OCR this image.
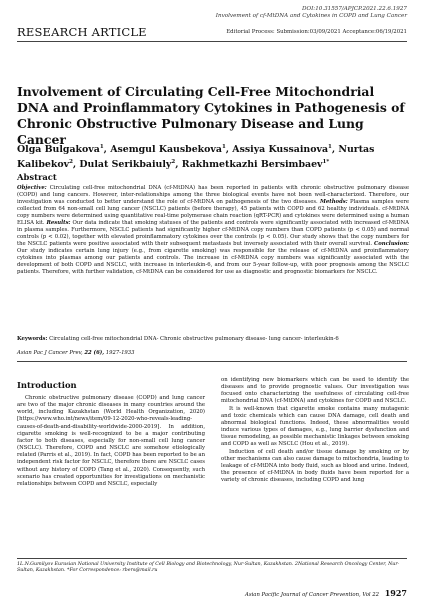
DOI:10.31557/APJCP.2021.22.6.1927
Involvement of cf-MtDNA and Cytokines in COPD and Lung Cancer
RESEARCH ARTICLE	Editorial Process: Submission:03/09/2021 Acceptance:06/19/2021
Involvement of Circulating Cell-Free Mitochondrial DNA and Proinflammatory Cytokines in Pathogenesis of Chronic Obstructive Pulmonary Disease and Lung Cancer
Olga Bulgakova$^1$, Asemgul Kausbekova$^1$, Assiya Kussainova$^1$, Nurtas Kalibekov$^2$, Dulat Serikbaiuly$^2$, Rakhmetkazhi Bersimbaev$^{1*}$
Abstract
Objective: Circulating cell-free mitochondrial DNA (cf-MtDNA) has been reported in patients with chronic obstructive pulmonary disease (COPD) and lung cancers. However, inter-relationships among the three biological events have not been well-characterized. Therefore, our investigation was conducted to better understand the role of cf-MtDNA on pathogenesis of the two diseases. Methods: Plasma samples were collected from 64 non-small cell lung cancer (NSCLC) patients (before therapy), 45 patients with COPD and 62 healthy individuals. cf-MtDNA copy numbers were determined using quantitative real-time polymerase chain reaction (qRT-PCR) and cytokines were determined using a human ELISA kit. Results: Our data indicate that smoking statuses of the patients and controls were significantly associated with increased cf-MtDNA in plasma samples. Furthermore, NSCLC patients had significantly higher cf-MtDNA copy numbers than COPD patients (p < 0.05) and normal controls (p < 0.02), together with elevated proinflammatory cytokines over the controls (p < 0.05). Our study shows that the copy numbers for the NSCLC patients were positive associated with their subsequent metastasis but inversely associated with their overall survival. Conclusion: Our study indicates certain lung injury (e.g., from cigarette smoking) was responsible for the release of cf-MtDNA and proinflammatory cytokines into plasmas among our patients and controls. The increase in cf-MtDNA copy numbers was significantly associated with the development of both COPD and NSCLC, with increase in interleukin-6, and from our 5-year follow-up, with poor prognosis among the NSCLC patients. Therefore, with further validation, cf-MtDNA can be considered for use as diagnostic and prognostic biomarkers for NSCLC.
Keywords: Circulating cell-free mitochondrial DNA- Chronic obstructive pulmonary disease- lung cancer- interleukin-6
Asian Pac J Cancer Prev, 22 (6), 1927-1933
Introduction

Chronic obstructive pulmonary disease (COPD) and lung cancer are two of the major chronic diseases in many countries around the world, including Kazakhstan (World Health Organization, 2020) [https://www.who.int/news/item/09-12-2020-who-reveals-leading-causes-of-death-and-disability-worldwide-2000-2019]. In addition, cigarette smoking is well-recognized to be a major contributing factor to both diseases, especially for non-small cell lung cancer (NSCLC). Therefore, COPD and NSCLC are somehow etiologically related (Parris et al., 2019). In fact, COPD has been reported to be an independent risk factor for NSCLC, therefore there are NSCLC cases without any history of COPD (Tang et al., 2020). Consequently, such scenario has created opportunities for investigations on mechanistic relationships between COPD and NSCLC, especially

on identifying new biomarkers which can be used to identify the diseases and to provide prognostic values. Our investigation was focused onto characterizing the usefulness of circulating cell-free mitochondrial DNA (cf-MtDNA) and cytokines for COPD and NSCLC.

It is well-known that cigarette smoke contains many mutagenic and toxic chemicals which can cause DNA damage, cell death and abnormal biological functions. Indeed, these abnormalities would induce various types of damages, e.g., lung barrier dysfunction and tissue remodeling, as possible mechanistic linkages between smoking and COPD as well as NSCLC (Hou et al., 2019).

Induction of cell death and/or tissue damage by smoking or by other mechanisms can also cause damage to mitochondria, leading to leakage of cf-MtDNA into body fluid, such as blood and urine. Indeed, the presence of cf-MtDNA in body fluids have been reported for a variety of chronic diseases, including COPD and lung

1L.N.Gumilyov Eurasian National University Institute of Cell Biology and Biotechnology, Nur-Sultan, Kazakhstan. 2National Research Oncology Center, Nur-Sultan, Kazakhstan. *For Correspondence: rbers@mail.ru
Asian Pacific Journal of Cancer Prevention, Vol 22 1927
